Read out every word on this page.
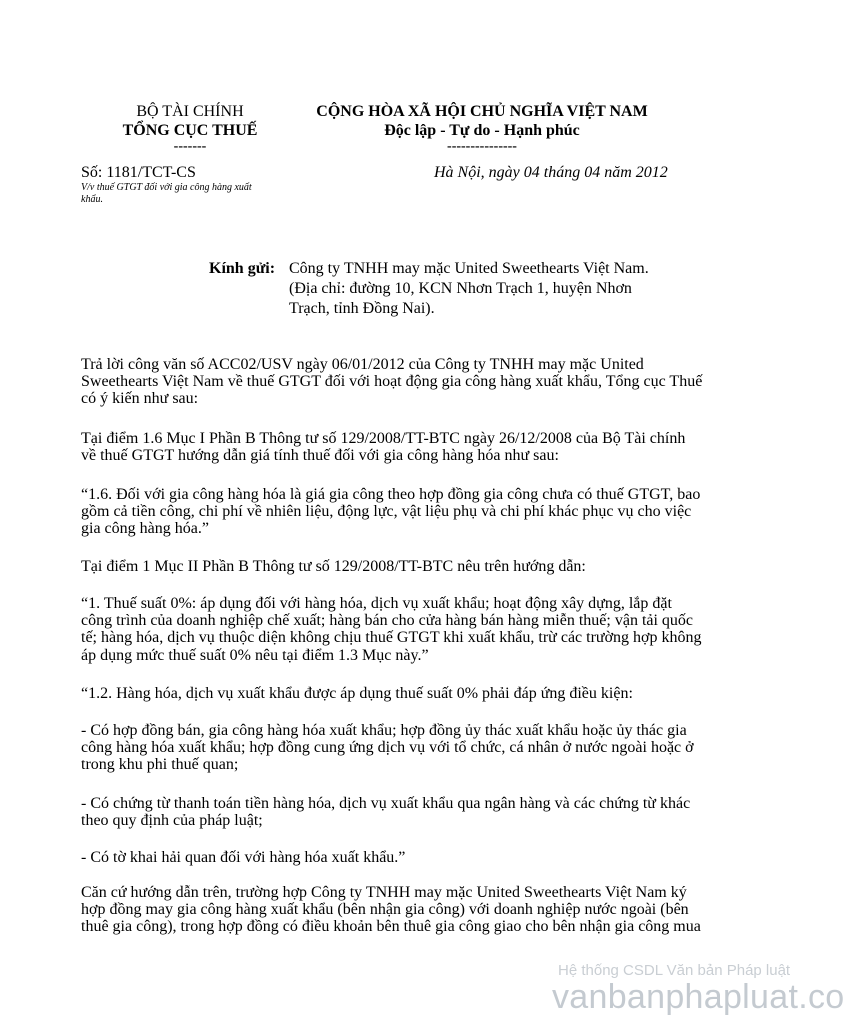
BỘ TÀI CHÍNH
TỔNG CỤC THUẾ
-------
CỘNG HÒA XÃ HỘI CHỦ NGHĨA VIỆT NAM
Độc lập - Tự do - Hạnh phúc
---------------
Số: 1181/TCT-CS
V/v thuế GTGT đối với gia công hàng xuất
khẩu.
Hà Nội, ngày 04 tháng 04 năm 2012
Kính gửi: Công ty TNHH may mặc United Sweethearts Việt Nam.
(Địa chỉ: đường 10, KCN Nhơn Trạch 1, huyện Nhơn
Trạch, tỉnh Đồng Nai).
Trả lời công văn số ACC02/USV ngày 06/01/2012 của Công ty TNHH may mặc United
Sweethearts Việt Nam về thuế GTGT đối với hoạt động gia công hàng xuất khẩu, Tổng cục Thuế
có ý kiến như sau:
Tại điểm 1.6 Mục I Phần B Thông tư số 129/2008/TT-BTC ngày 26/12/2008 của Bộ Tài chính
về thuế GTGT hướng dẫn giá tính thuế đối với gia công hàng hóa như sau:
“1.6. Đối với gia công hàng hóa là giá gia công theo hợp đồng gia công chưa có thuế GTGT, bao
gồm cả tiền công, chi phí về nhiên liệu, động lực, vật liệu phụ và chi phí khác phục vụ cho việc
gia công hàng hóa.”
Tại điểm 1 Mục II Phần B Thông tư số 129/2008/TT-BTC nêu trên hướng dẫn:
“1. Thuế suất 0%: áp dụng đối với hàng hóa, dịch vụ xuất khẩu; hoạt động xây dựng, lắp đặt
công trình của doanh nghiệp chế xuất; hàng bán cho cửa hàng bán hàng miễn thuế; vận tải quốc
tế; hàng hóa, dịch vụ thuộc diện không chịu thuế GTGT khi xuất khẩu, trừ các trường hợp không
áp dụng mức thuế suất 0% nêu tại điểm 1.3 Mục này.”
“1.2. Hàng hóa, dịch vụ xuất khẩu được áp dụng thuế suất 0% phải đáp ứng điều kiện:
- Có hợp đồng bán, gia công hàng hóa xuất khẩu; hợp đồng ủy thác xuất khẩu hoặc ủy thác gia
công hàng hóa xuất khẩu; hợp đồng cung ứng dịch vụ với tổ chức, cá nhân ở nước ngoài hoặc ở
trong khu phi thuế quan;
- Có chứng từ thanh toán tiền hàng hóa, dịch vụ xuất khẩu qua ngân hàng và các chứng từ khác
theo quy định của pháp luật;
- Có tờ khai hải quan đối với hàng hóa xuất khẩu.”
Căn cứ hướng dẫn trên, trường hợp Công ty TNHH may mặc United Sweethearts Việt Nam ký
hợp đồng may gia công hàng xuất khẩu (bên nhận gia công) với doanh nghiệp nước ngoài (bên
thuê gia công), trong hợp đồng có điều khoản bên thuê gia công giao cho bên nhận gia công mua
Hệ thống CSDL Văn bản Pháp luật
vanbanphapluat.co
